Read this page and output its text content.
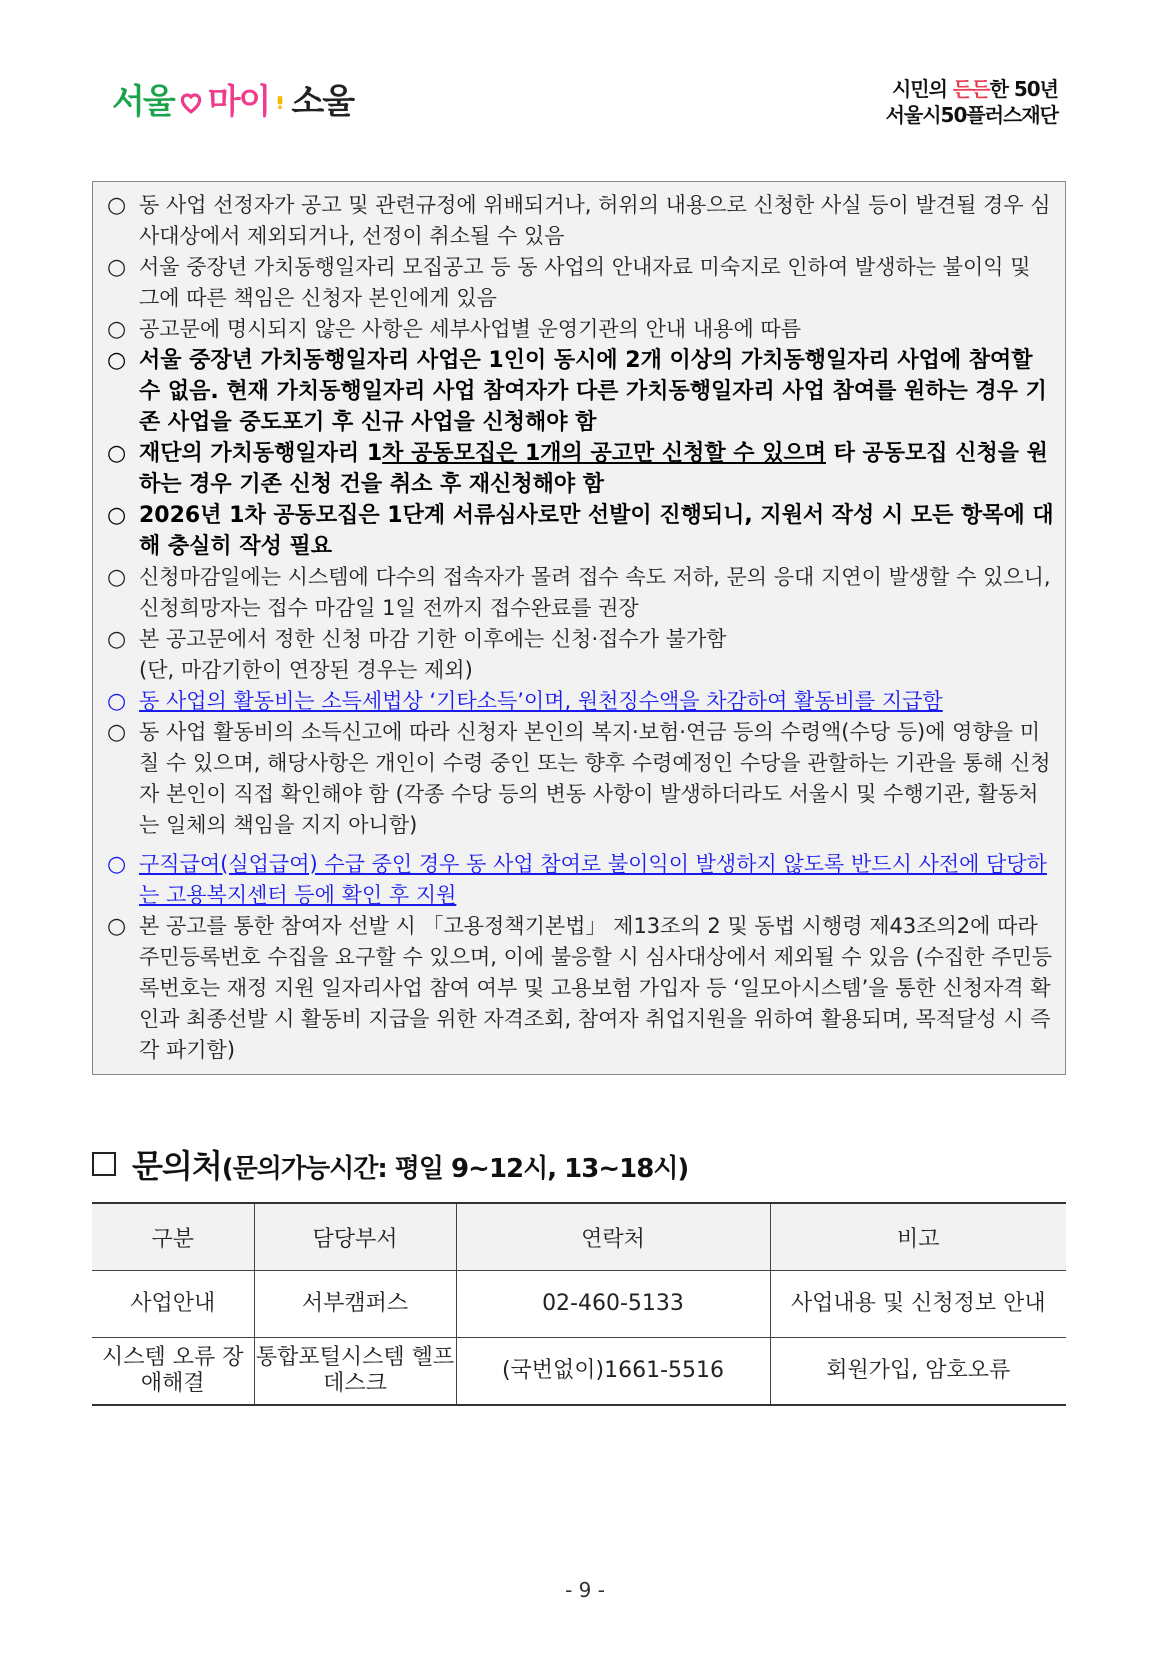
서울 마이 소울	시민의 든든한 50년
서울시50플러스재단

○ 동 사업 선정자가 공고 및 관련규정에 위배되거나, 허위의 내용으로 신청한 사실 등이 발견될 경우 심사대상에서 제외되거나, 선정이 취소될 수 있음

○ 서울 중장년 가치동행일자리 모집공고 등 동 사업의 안내자료 미숙지로 인하여 발생하는 불이익 및 그에 따른 책임은 신청자 본인에게 있음

○ 공고문에 명시되지 않은 사항은 세부사업별 운영기관의 안내 내용에 따름

○ 서울 중장년 가치동행일자리 사업은 1인이 동시에 2개 이상의 가치동행일자리 사업에 참여할 수 없음. 현재 가치동행일자리 사업 참여자가 다른 가치동행일자리 사업 참여를 원하는 경우 기존 사업을 중도포기 후 신규 사업을 신청해야 함

○ 재단의 가치동행일자리 1차 공동모집은 1개의 공고만 신청할 수 있으며 타 공동모집 신청을 원하는 경우 기존 신청 건을 취소 후 재신청해야 함

○ 2026년 1차 공동모집은 1단계 서류심사로만 선발이 진행되니, 지원서 작성 시 모든 항목에 대해 충실히 작성 필요

○ 신청마감일에는 시스템에 다수의 접속자가 몰려 접수 속도 저하, 문의 응대 지연이 발생할 수 있으니, 신청희망자는 접수 마감일 1일 전까지 접수완료를 권장

○ 본 공고문에서 정한 신청 마감 기한 이후에는 신청·접수가 불가함
(단, 마감기한이 연장된 경우는 제외)

○ 동 사업의 활동비는 소득세법상 ‘기타소득’이며, 원천징수액을 차감하여 활동비를 지급함

○ 동 사업 활동비의 소득신고에 따라 신청자 본인의 복지·보험·연금 등의 수령액(수당 등)에 영향을 미칠 수 있으며, 해당사항은 개인이 수령 중인 또는 향후 수령예정인 수당을 관할하는 기관을 통해 신청자 본인이 직접 확인해야 함 (각종 수당 등의 변동 사항이 발생하더라도 서울시 및 수행기관, 활동처는 일체의 책임을 지지 아니함)

○ 구직급여(실업급여) 수급 중인 경우 동 사업 참여로 불이익이 발생하지 않도록 반드시 사전에 담당하는 고용복지센터 등에 확인 후 지원

○ 본 공고를 통한 참여자 선발 시 「고용정책기본법」 제13조의 2 및 동법 시행령 제43조의2에 따라 주민등록번호 수집을 요구할 수 있으며, 이에 불응할 시 심사대상에서 제외될 수 있음 (수집한 주민등록번호는 재정 지원 일자리사업 참여 여부 및 고용보험 가입자 등 ‘일모아시스템’을 통한 신청자격 확인과 최종선발 시 활동비 지급을 위한 자격조회, 참여자 취업지원을 위하여 활용되며, 목적달성 시 즉각 파기함)

문의처(문의가능시간: 평일 9~12시, 13~18시)
구분	담당부서	연락처	비고
사업안내	서부캠퍼스	02-460-5133	사업내용 및 신청정보 안내
시스템 오류 장애해결	통합포털시스템 헬프데스크	(국번없이)1661-5516	회원가입, 암호오류
- 9 -
